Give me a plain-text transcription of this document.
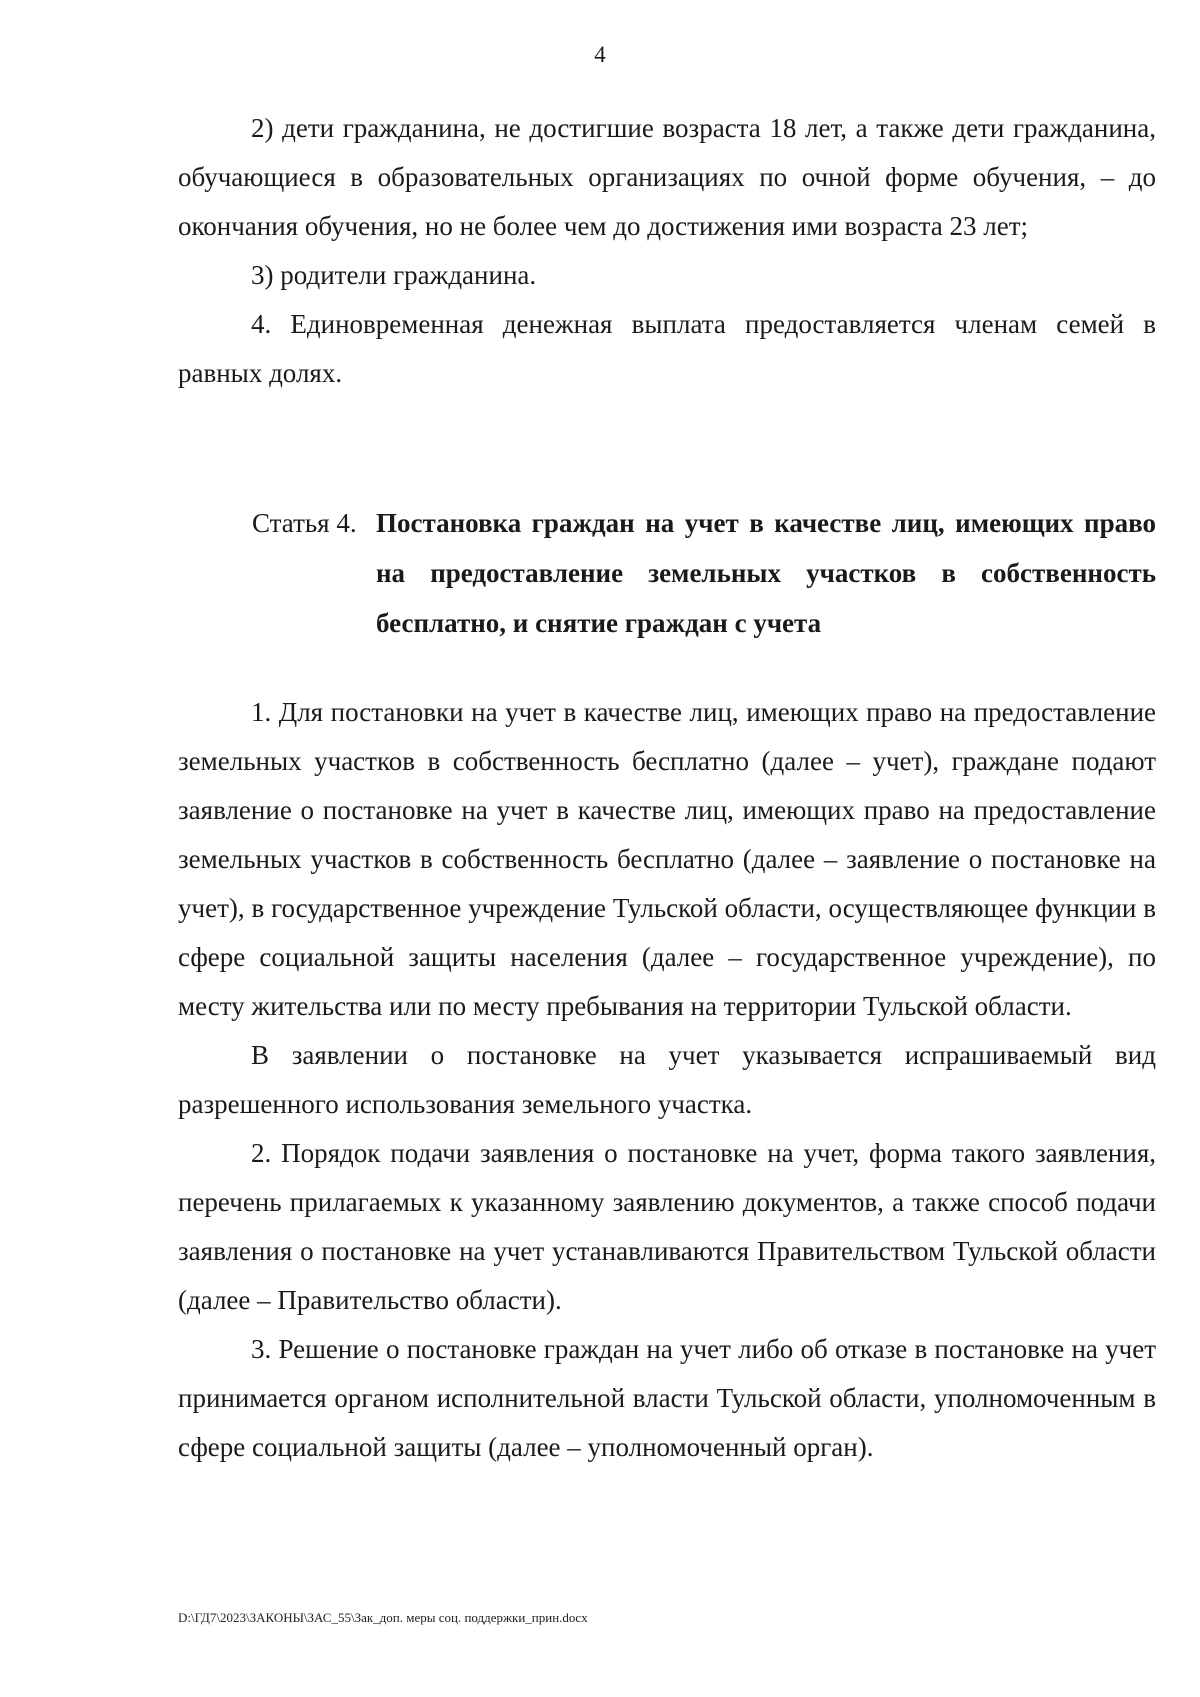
4

2) дети гражданина, не достигшие возраста 18 лет, а также дети гражданина, обучающиеся в образовательных организациях по очной форме обучения, – до окончания обучения, но не более чем до достижения ими возраста 23 лет;

3) родители гражданина.

4. Единовременная денежная выплата предоставляется членам семей в равных долях.

Статья 4. Постановка граждан на учет в качестве лиц, имеющих право на предоставление земельных участков в собственность бесплатно, и снятие граждан с учета

1. Для постановки на учет в качестве лиц, имеющих право на предоставление земельных участков в собственность бесплатно (далее – учет), граждане подают заявление о постановке на учет в качестве лиц, имеющих право на предоставление земельных участков в собственность бесплатно (далее – заявление о постановке на учет), в государственное учреждение Тульской области, осуществляющее функции в сфере социальной защиты населения (далее – государственное учреждение), по месту жительства или по месту пребывания на территории Тульской области.

В заявлении о постановке на учет указывается испрашиваемый вид разрешенного использования земельного участка.

2. Порядок подачи заявления о постановке на учет, форма такого заявления, перечень прилагаемых к указанному заявлению документов, а также способ подачи заявления о постановке на учет устанавливаются Правительством Тульской области (далее – Правительство области).

3. Решение о постановке граждан на учет либо об отказе в постановке на учет принимается органом исполнительной власти Тульской области, уполномоченным в сфере социальной защиты (далее – уполномоченный орган).

D:\ГД7\2023\ЗАКОНЫ\ЗАС_55\Зак_доп. меры соц. поддержки_прин.docx
